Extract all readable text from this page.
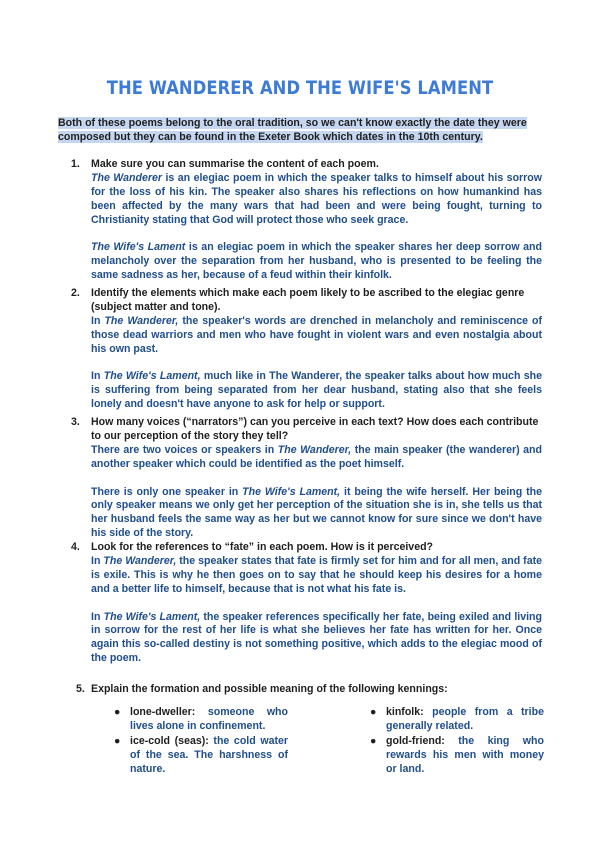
THE WANDERER AND THE WIFE'S LAMENT

Both of these poems belong to the oral tradition, so we can't know exactly the date they were composed but they can be found in the Exeter Book which dates in the 10th century.

1. Make sure you can summarise the content of each poem.
The Wanderer is an elegiac poem in which the speaker talks to himself about his sorrow for the loss of his kin. The speaker also shares his reflections on how humankind has been affected by the many wars that had been and were being fought, turning to Christianity stating that God will protect those who seek grace.
The Wife's Lament is an elegiac poem in which the speaker shares her deep sorrow and melancholy over the separation from her husband, who is presented to be feeling the same sadness as her, because of a feud within their kinfolk.
2. Identify the elements which make each poem likely to be ascribed to the elegiac genre (subject matter and tone).
In The Wanderer, the speaker's words are drenched in melancholy and reminiscence of those dead warriors and men who have fought in violent wars and even nostalgia about his own past.
In The Wife's Lament, much like in The Wanderer, the speaker talks about how much she is suffering from being separated from her dear husband, stating also that she feels lonely and doesn't have anyone to ask for help or support.
3. How many voices (“narrators”) can you perceive in each text? How does each contribute to our perception of the story they tell?
There are two voices or speakers in The Wanderer, the main speaker (the wanderer) and another speaker which could be identified as the poet himself.
There is only one speaker in The Wife's Lament, it being the wife herself. Her being the only speaker means we only get her perception of the situation she is in, she tells us that her husband feels the same way as her but we cannot know for sure since we don't have his side of the story.
4. Look for the references to “fate” in each poem. How is it perceived?
In The Wanderer, the speaker states that fate is firmly set for him and for all men, and fate is exile. This is why he then goes on to say that he should keep his desires for a home and a better life to himself, because that is not what his fate is.
In The Wife's Lament, the speaker references specifically her fate, being exiled and living in sorrow for the rest of her life is what she believes her fate has written for her. Once again this so-called destiny is not something positive, which adds to the elegiac mood of the poem.
5. Explain the formation and possible meaning of the following kennings:
● lone-dweller: someone who lives alone in confinement.
● ice-cold (seas): the cold water of the sea. The harshness of nature.
● kinfolk: people from a tribe generally related.
● gold-friend: the king who rewards his men with money or land.
